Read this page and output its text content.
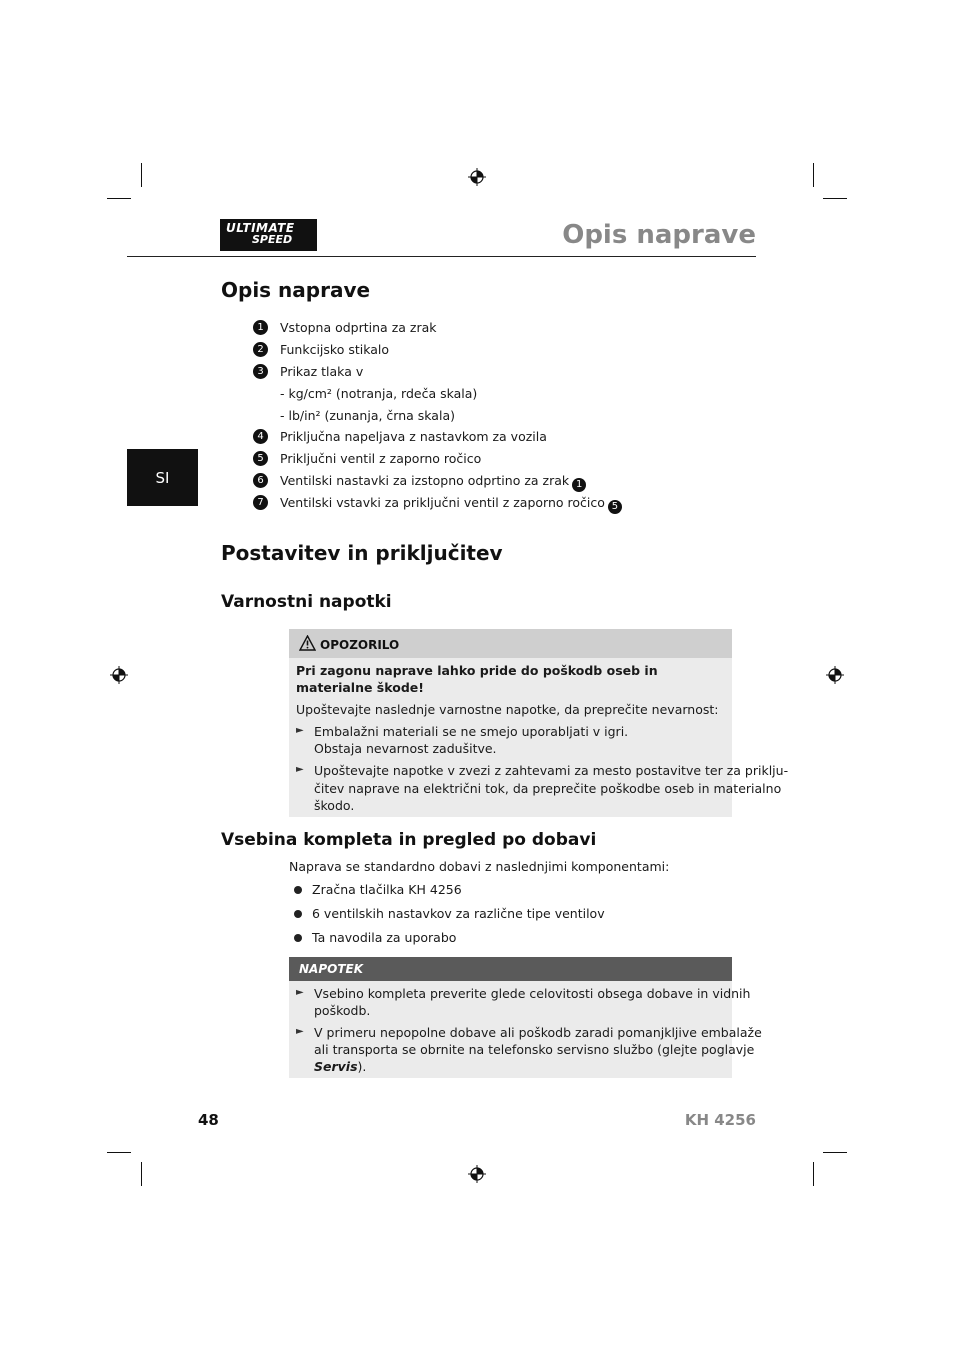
ULTIMATE
SPEED	Opis naprave
SI
Opis naprave
1	Vstopna odprtina za zrak
2	Funkcijsko stikalo
3	Prikaz tlaka v
- kg/cm² (notranja, rdeča skala)
- lb/in² (zunanja, črna skala)
4	Priključna napeljava z nastavkom za vozila
5	Priključni ventil z zaporno ročico
6	Ventilski nastavki za izstopno odprtino za zrak 1
7	Ventilski vstavki za priključni ventil z zaporno ročico 5
Postavitev in priključitev
Varnostni napotki
OPOZORILO
Pri zagonu naprave lahko pride do poškodb oseb in materialne škode!
Upoštevajte naslednje varnostne napotke, da preprečite nevarnost:
► Embalažni materiali se ne smejo uporabljati v igri.
Obstaja nevarnost zadušitve.
► Upoštevajte napotke v zvezi z zahtevami za mesto postavitve ter za priklju-
čitev naprave na električni tok, da preprečite poškodbe oseb in materialno
škodo.
Vsebina kompleta in pregled po dobavi
Naprava se standardno dobavi z naslednjimi komponentami:
Zračna tlačilka KH 4256
6 ventilskih nastavkov za različne tipe ventilov
Ta navodila za uporabo
NAPOTEK
► Vsebino kompleta preverite glede celovitosti obsega dobave in vidnih
poškodb.
► V primeru nepopolne dobave ali poškodb zaradi pomanjkljive embalaže
ali transporta se obrnite na telefonsko servisno službo (glejte poglavje
Servis).
48	KH 4256
